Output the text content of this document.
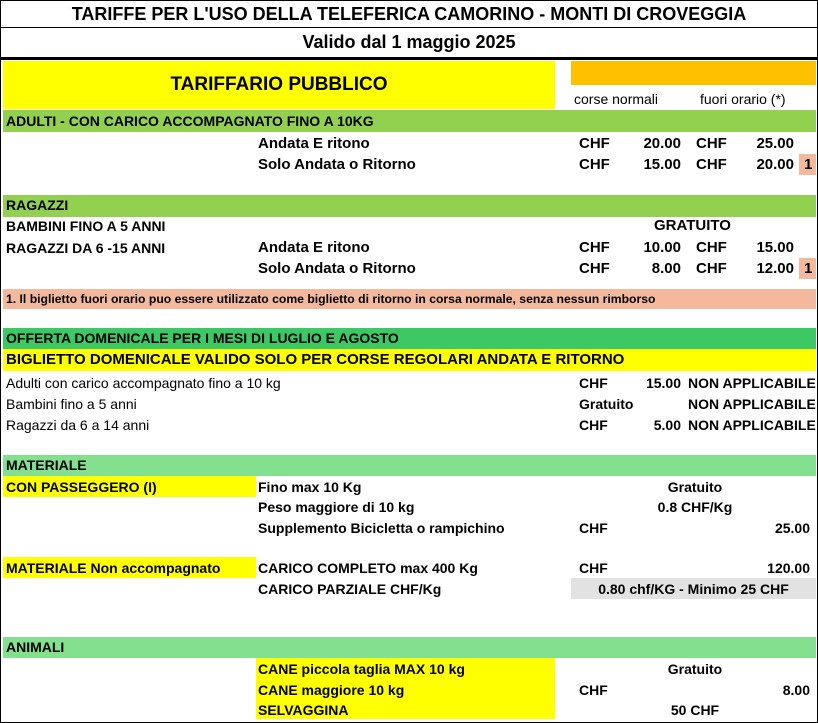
TARIFFE PER L'USO DELLA TELEFERICA CAMORINO - MONTI DI CROVEGGIA
Valido dal 1 maggio 2025
TARIFFARIO PUBBLICO
corse normali	fuori orario (*)
ADULTI - CON CARICO ACCOMPAGNATO FINO A 10KG
Andata E ritono	CHF	20.00 CHF	25.00
Solo Andata o Ritorno	CHF	15.00 CHF	20.00 1
RAGAZZI
BAMBINI FINO A 5 ANNI	GRATUITO
RAGAZZI DA 6 -15 ANNI	Andata E ritono	CHF	10.00 CHF	15.00
Solo Andata o Ritorno	CHF	8.00 CHF	12.00 1
1. Il biglietto fuori orario puo essere utilizzato come biglietto di ritorno in corsa normale, senza nessun rimborso
OFFERTA DOMENICALE PER I MESI DI LUGLIO E AGOSTO
BIGLIETTO DOMENICALE VALIDO SOLO PER CORSE REGOLARI ANDATA E RITORNO
Adulti con carico accompagnato fino a 10 kg	CHF	15.00 NON APPLICABILE
Bambini fino a 5 anni	Gratuito	NON APPLICABILE
Ragazzi da 6 a 14 anni	CHF	5.00 NON APPLICABILE
MATERIALE
CON PASSEGGERO (I)	Fino max 10 Kg	Gratuito
Peso maggiore di 10 kg	0.8 CHF/Kg
Supplemento Bicicletta o rampichino	CHF	25.00
MATERIALE Non accompagnato	CARICO COMPLETO max 400 Kg	CHF	120.00
CARICO PARZIALE CHF/Kg	0.80 chf/KG - Minimo 25 CHF
ANIMALI
CANE piccola taglia MAX 10 kg	Gratuito
CANE maggiore 10 kg	CHF	8.00
SELVAGGINA	50 CHF
